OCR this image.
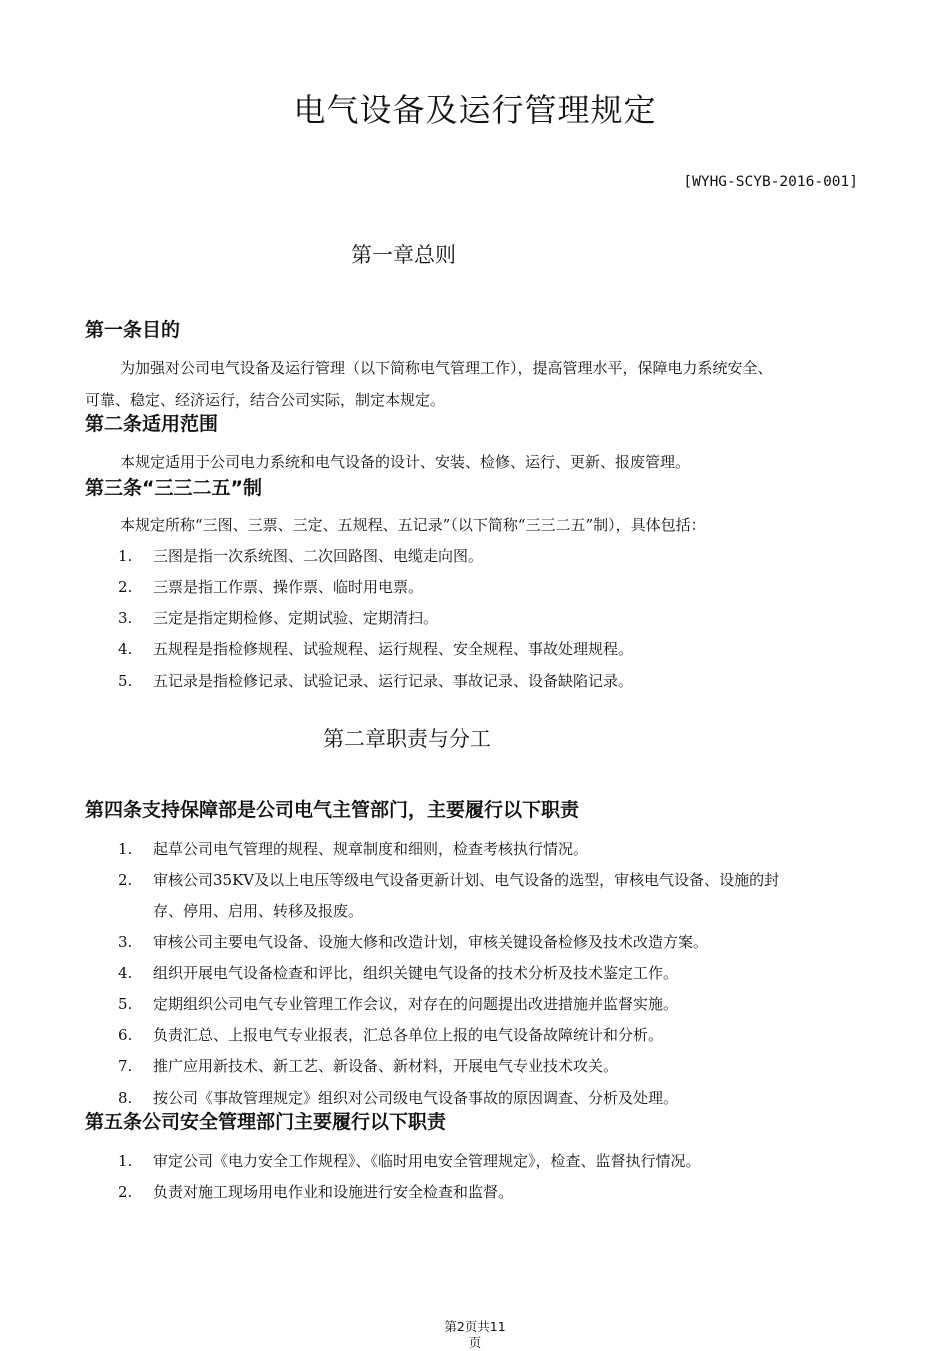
电气设备及运行管理规定
[WYHG-SCYB-2016-001]
第一章总则
第一条目的
为加强对公司电气设备及运行管理（以下简称电气管理工作），提高管理水平，保障电力系统安全、
可靠、稳定、经济运行，结合公司实际，制定本规定。
第二条适用范围
本规定适用于公司电力系统和电气设备的设计、安装、检修、运行、更新、报废管理。
第三条“三三二五”制
本规定所称“三图、三票、三定、五规程、五记录”（以下简称“三三二五”制），具体包括：
1. 三图是指一次系统图、二次回路图、电缆走向图。
2. 三票是指工作票、操作票、临时用电票。
3. 三定是指定期检修、定期试验、定期清扫。
4. 五规程是指检修规程、试验规程、运行规程、安全规程、事故处理规程。
5. 五记录是指检修记录、试验记录、运行记录、事故记录、设备缺陷记录。
第二章职责与分工
第四条支持保障部是公司电气主管部门，主要履行以下职责
1. 起草公司电气管理的规程、规章制度和细则，检查考核执行情况。
2. 审核公司35KV及以上电压等级电气设备更新计划、电气设备的选型，审核电气设备、设施的封
存、停用、启用、转移及报废。
3. 审核公司主要电气设备、设施大修和改造计划，审核关键设备检修及技术改造方案。
4. 组织开展电气设备检查和评比，组织关键电气设备的技术分析及技术鉴定工作。
5. 定期组织公司电气专业管理工作会议，对存在的问题提出改进措施并监督实施。
6. 负责汇总、上报电气专业报表，汇总各单位上报的电气设备故障统计和分析。
7. 推广应用新技术、新工艺、新设备、新材料，开展电气专业技术攻关。
8. 按公司《事故管理规定》组织对公司级电气设备事故的原因调查、分析及处理。
第五条公司安全管理部门主要履行以下职责
1. 审定公司《电力安全工作规程》、《临时用电安全管理规定》，检查、监督执行情况。
2. 负责对施工现场用电作业和设施进行安全检查和监督。
第2页共11
页
